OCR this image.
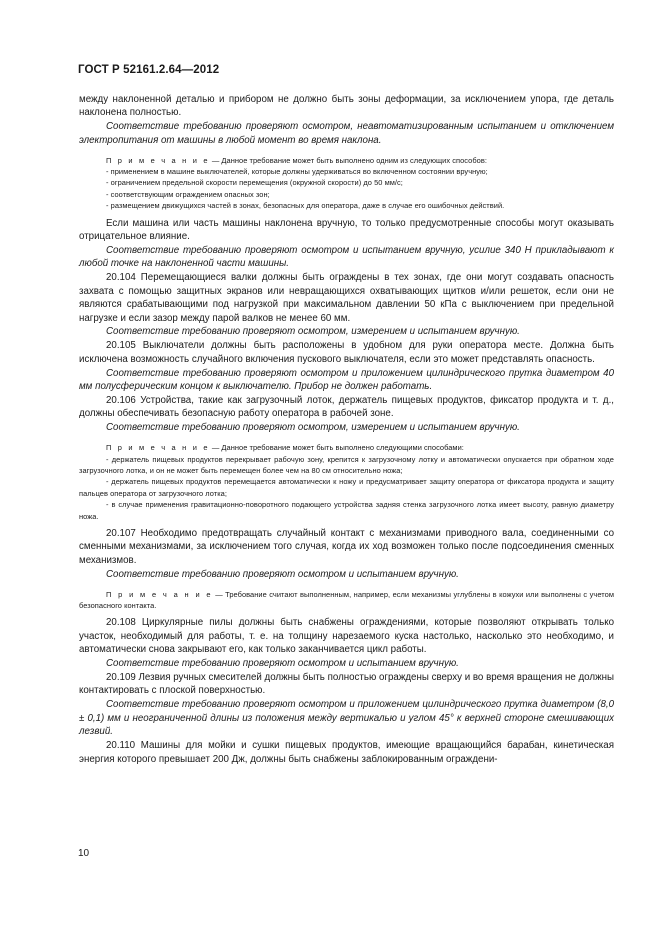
ГОСТ Р 52161.2.64—2012

между наклоненной деталью и прибором не должно быть зоны деформации, за исключением упора, где деталь наклонена полностью.

Соответствие требованию проверяют осмотром, неавтоматизированным испытанием и отключением электропитания от машины в любой момент во время наклона.

П р и м е ч а н и е — Данное требование может быть выполнено одним из следующих способов:

- применением в машине выключателей, которые должны удерживаться во включенном состоянии вручную;

- ограничением предельной скорости перемещения (окружной скорости) до 50 мм/с;

- соответствующим ограждением опасных зон;

- размещением движущихся частей в зонах, безопасных для оператора, даже в случае его ошибочных действий.

Если машина или часть машины наклонена вручную, то только предусмотренные способы могут оказывать отрицательное влияние.

Соответствие требованию проверяют осмотром и испытанием вручную, усилие 340 Н прикладывают к любой точке на наклоненной части машины.

20.104 Перемещающиеся валки должны быть ограждены в тех зонах, где они могут создавать опасность захвата с помощью защитных экранов или невращающихся охватывающих щитков и/или решеток, если они не являются срабатывающими под нагрузкой при максимальном давлении 50 кПа с выключением при предельной нагрузке и если зазор между парой валков не менее 60 мм.

Соответствие требованию проверяют осмотром, измерением и испытанием вручную.

20.105 Выключатели должны быть расположены в удобном для руки оператора месте. Должна быть исключена возможность случайного включения пускового выключателя, если это может представлять опасность.

Соответствие требованию проверяют осмотром и приложением цилиндрического прутка диаметром 40 мм полусферическим концом к выключателю. Прибор не должен работать.

20.106 Устройства, такие как загрузочный лоток, держатель пищевых продуктов, фиксатор продукта и т. д., должны обеспечивать безопасную работу оператора в рабочей зоне.

Соответствие требованию проверяют осмотром, измерением и испытанием вручную.

П р и м е ч а н и е — Данное требование может быть выполнено следующими способами:

- держатель пищевых продуктов перекрывает рабочую зону, крепится к загрузочному лотку и автоматически опускается при обратном ходе загрузочного лотка, и он не может быть перемещен более чем на 80 см относительно ножа;

- держатель пищевых продуктов перемещается автоматически к ножу и предусматривает защиту оператора от фиксатора продукта и защиту пальцев оператора от загрузочного лотка;

- в случае применения гравитационно-поворотного подающего устройства задняя стенка загрузочного лотка имеет высоту, равную диаметру ножа.

20.107 Необходимо предотвращать случайный контакт с механизмами приводного вала, соединенными со сменными механизмами, за исключением того случая, когда их ход возможен только после подсоединения сменных механизмов.

Соответствие требованию проверяют осмотром и испытанием вручную.

П р и м е ч а н и е — Требование считают выполненным, например, если механизмы углублены в кожухи или выполнены с учетом безопасного контакта.

20.108 Циркулярные пилы должны быть снабжены ограждениями, которые позволяют открывать только участок, необходимый для работы, т. е. на толщину нарезаемого куска настолько, насколько это необходимо, и автоматически снова закрывают его, как только заканчивается цикл работы.

Соответствие требованию проверяют осмотром и испытанием вручную.

20.109 Лезвия ручных смесителей должны быть полностью ограждены сверху и во время вращения не должны контактировать с плоской поверхностью.

Соответствие требованию проверяют осмотром и приложением цилиндрического прутка диаметром (8,0 ± 0,1) мм и неограниченной длины из положения между вертикалью и углом 45° к верхней стороне смешивающих лезвий.

20.110 Машины для мойки и сушки пищевых продуктов, имеющие вращающийся барабан, кинетическая энергия которого превышает 200 Дж, должны быть снабжены заблокированным ограждени-

10
